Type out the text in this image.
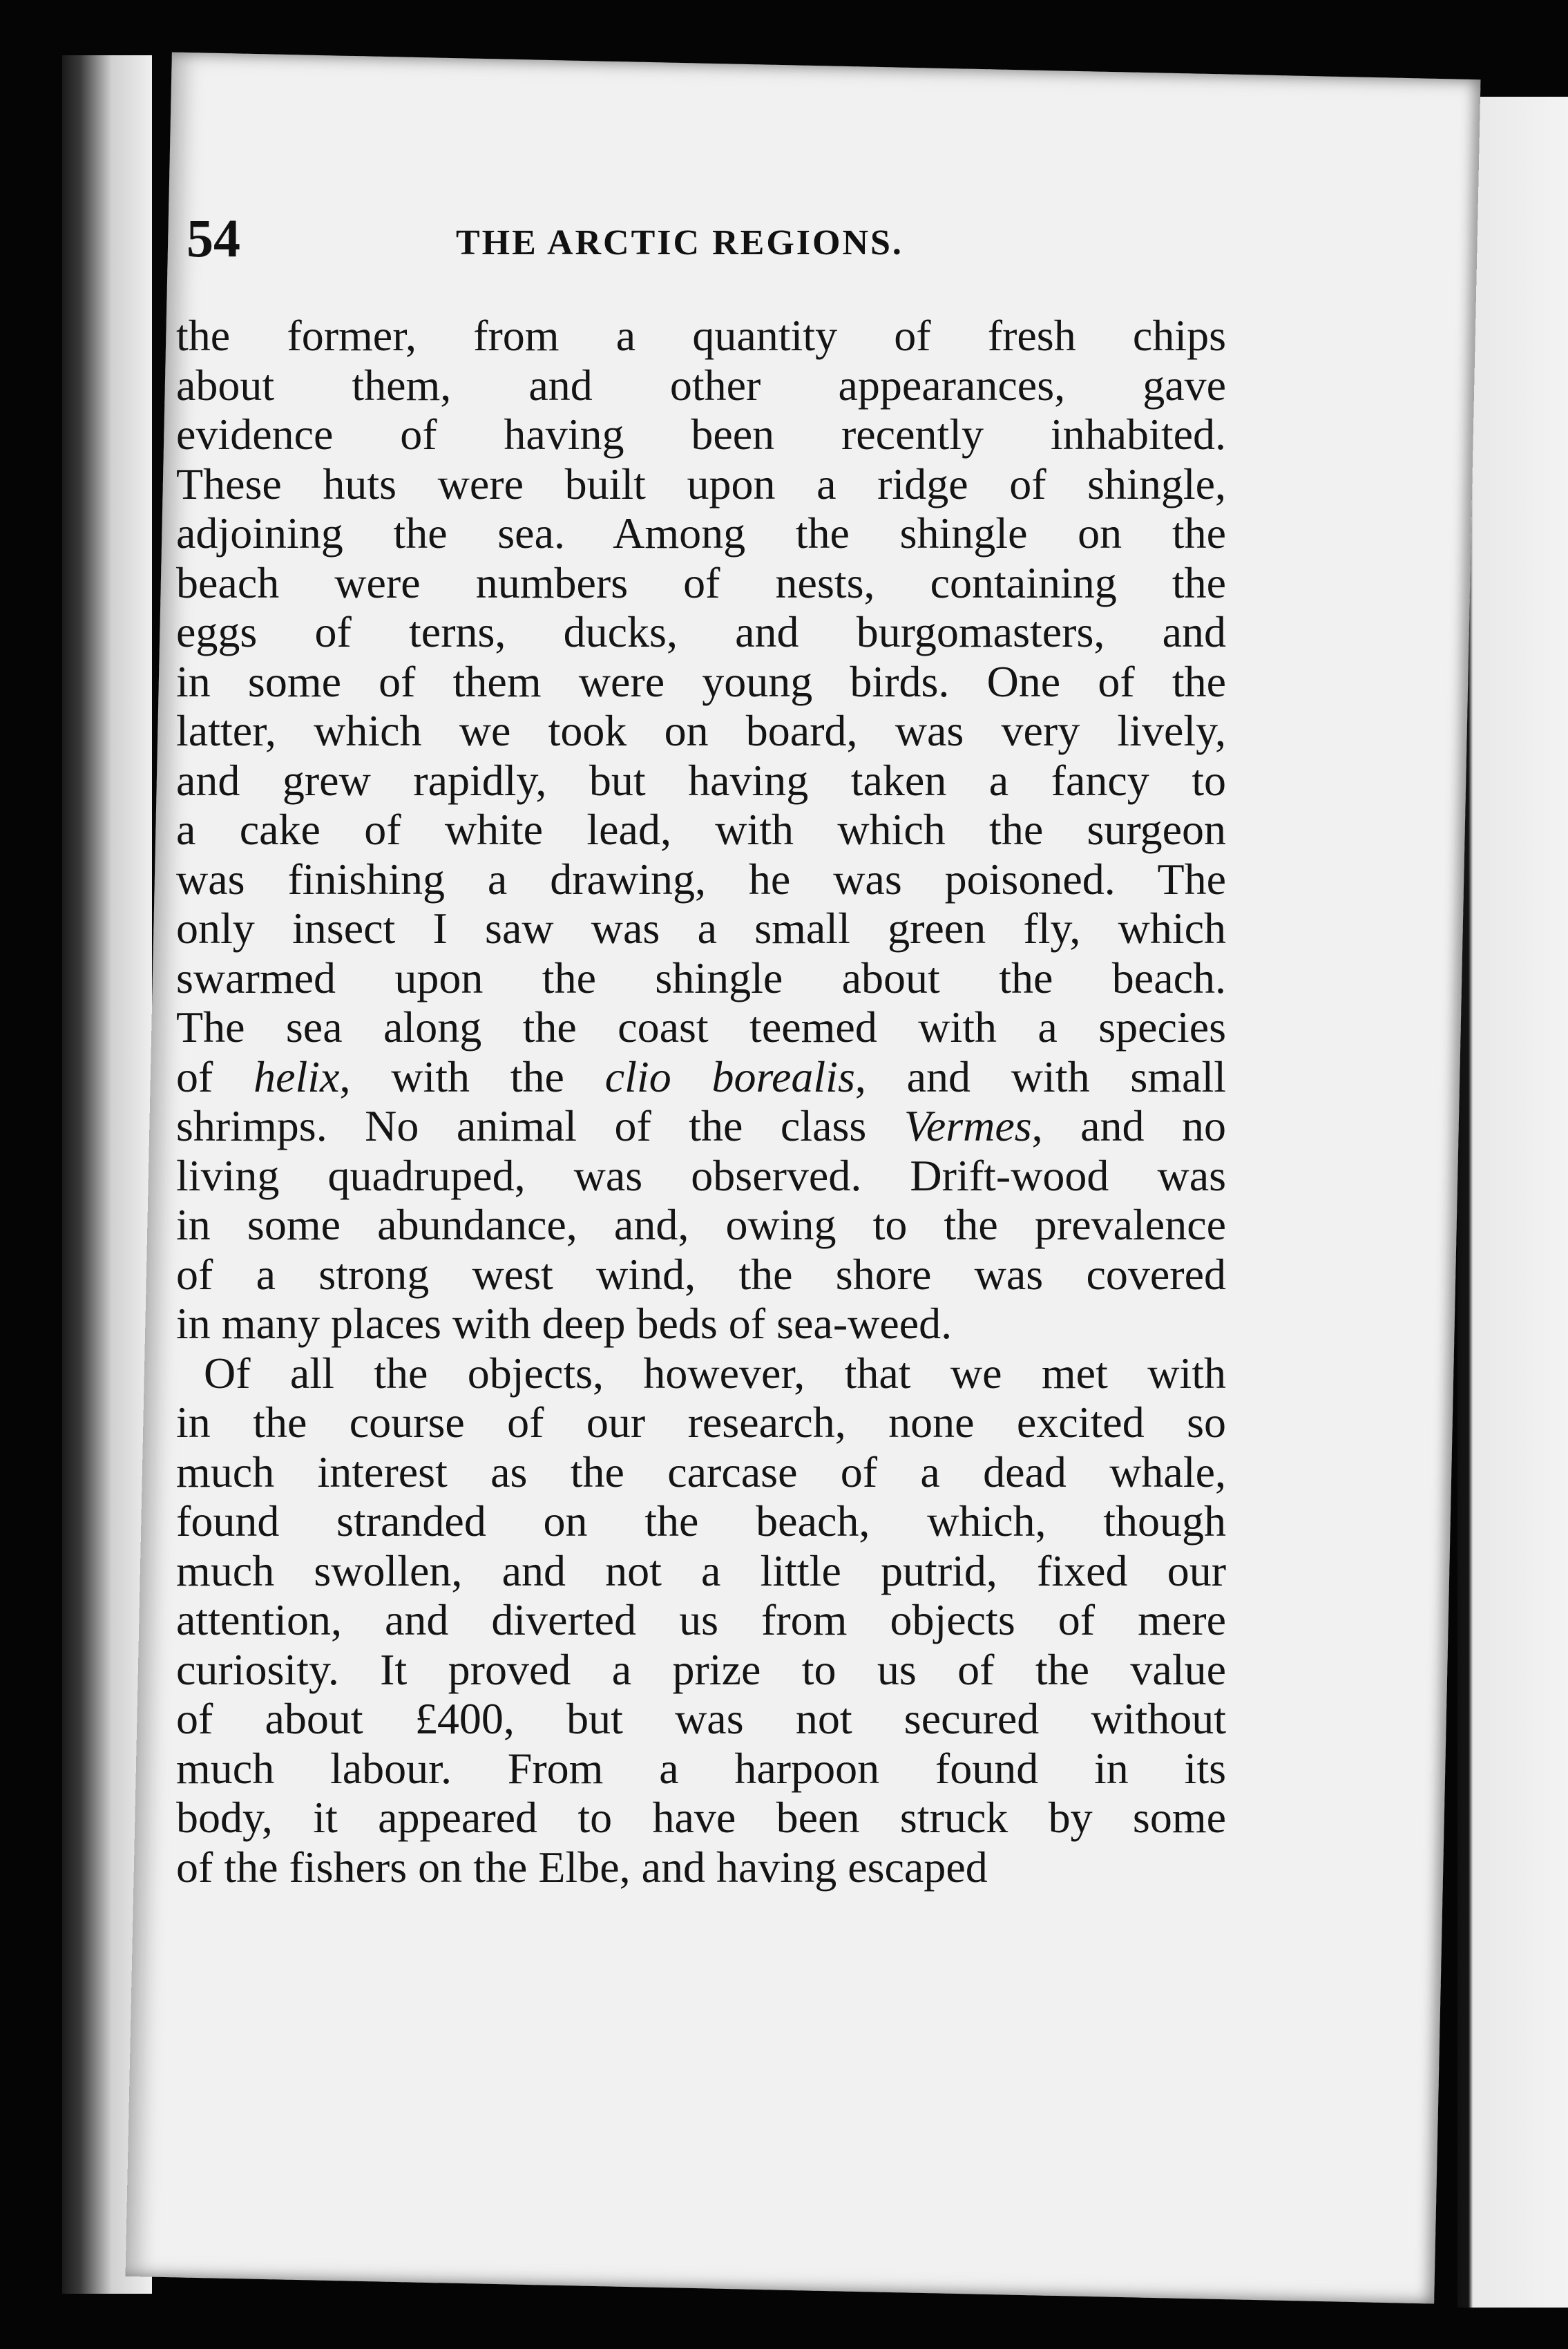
54	THE ARCTIC REGIONS.
the former, from a quantity of fresh chips
about them, and other appearances, gave
evidence of having been recently inhabited.
These huts were built upon a ridge of shingle,
adjoining the sea. Among the shingle on the
beach were numbers of nests, containing the
eggs of terns, ducks, and burgomasters, and
in some of them were young birds. One of the
latter, which we took on board, was very lively,
and grew rapidly, but having taken a fancy to
a cake of white lead, with which the surgeon
was finishing a drawing, he was poisoned. The
only insect I saw was a small green fly, which
swarmed upon the shingle about the beach.
The sea along the coast teemed with a species
of helix, with the clio borealis, and with small
shrimps. No animal of the class Vermes, and no
living quadruped, was observed. Drift-wood was
in some abundance, and, owing to the prevalence
of a strong west wind, the shore was covered
in many places with deep beds of sea-weed.
Of all the objects, however, that we met with
in the course of our research, none excited so
much interest as the carcase of a dead whale,
found stranded on the beach, which, though
much swollen, and not a little putrid, fixed our
attention, and diverted us from objects of mere
curiosity. It proved a prize to us of the value
of about £400, but was not secured without
much labour. From a harpoon found in its
body, it appeared to have been struck by some
of the fishers on the Elbe, and having escaped
